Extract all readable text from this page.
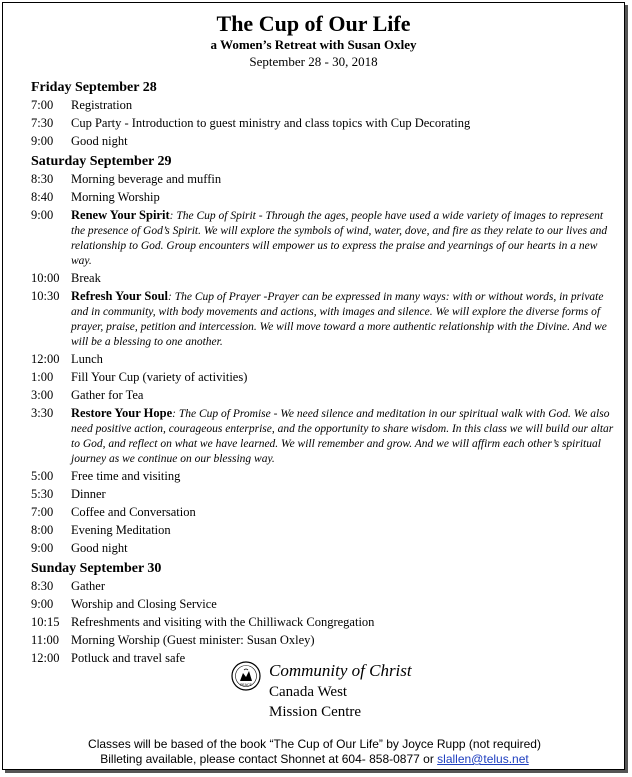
The Cup of Our Life
a Women’s Retreat with Susan Oxley
September 28 - 30, 2018
Friday September 28
7:00	Registration
7:30	Cup Party - Introduction to guest ministry and class topics with Cup Decorating
9:00	Good night
Saturday September 29
8:30	Morning beverage and muffin
8:40	Morning Worship
9:00	Renew Your Spirit: The Cup of Spirit - Through the ages, people have used a wide variety of images to represent the presence of God’s Spirit. We will explore the symbols of wind, water, dove, and fire as they relate to our lives and relationship to God. Group encounters will empower us to express the praise and yearnings of our hearts in a new way.
10:00 Break
10:30 Refresh Your Soul: The Cup of Prayer -Prayer can be expressed in many ways: with or without words, in private and in community, with body movements and actions, with images and silence. We will explore the diverse forms of prayer, praise, petition and intercession. We will move toward a more authentic relationship with the Divine. And we will be a blessing to one another.
12:00 Lunch
1:00	Fill Your Cup (variety of activities)
3:00	Gather for Tea
3:30	Restore Your Hope: The Cup of Promise - We need silence and meditation in our spiritual walk with God. We also need positive action, courageous enterprise, and the opportunity to share wisdom. In this class we will build our altar to God, and reflect on what we have learned. We will remember and grow. And we will affirm each other’s spiritual journey as we continue on our blessing way.
5:00	Free time and visiting
5:30	Dinner
7:00	Coffee and Conversation
8:00	Evening Meditation
9:00	Good night
Sunday September 30
8:30	Gather
9:00	Worship and Closing Service
10:15 Refreshments and visiting with the Chilliwack Congregation
11:00 Morning Worship (Guest minister: Susan Oxley)
12:00 Potluck and travel safe
PEACE
Community of Christ
Canada West
Mission Centre
Classes will be based of the book “The Cup of Our Life” by Joyce Rupp (not required)
Billeting available, please contact Shonnet at 604- 858-0877 or slallen@telus.net
